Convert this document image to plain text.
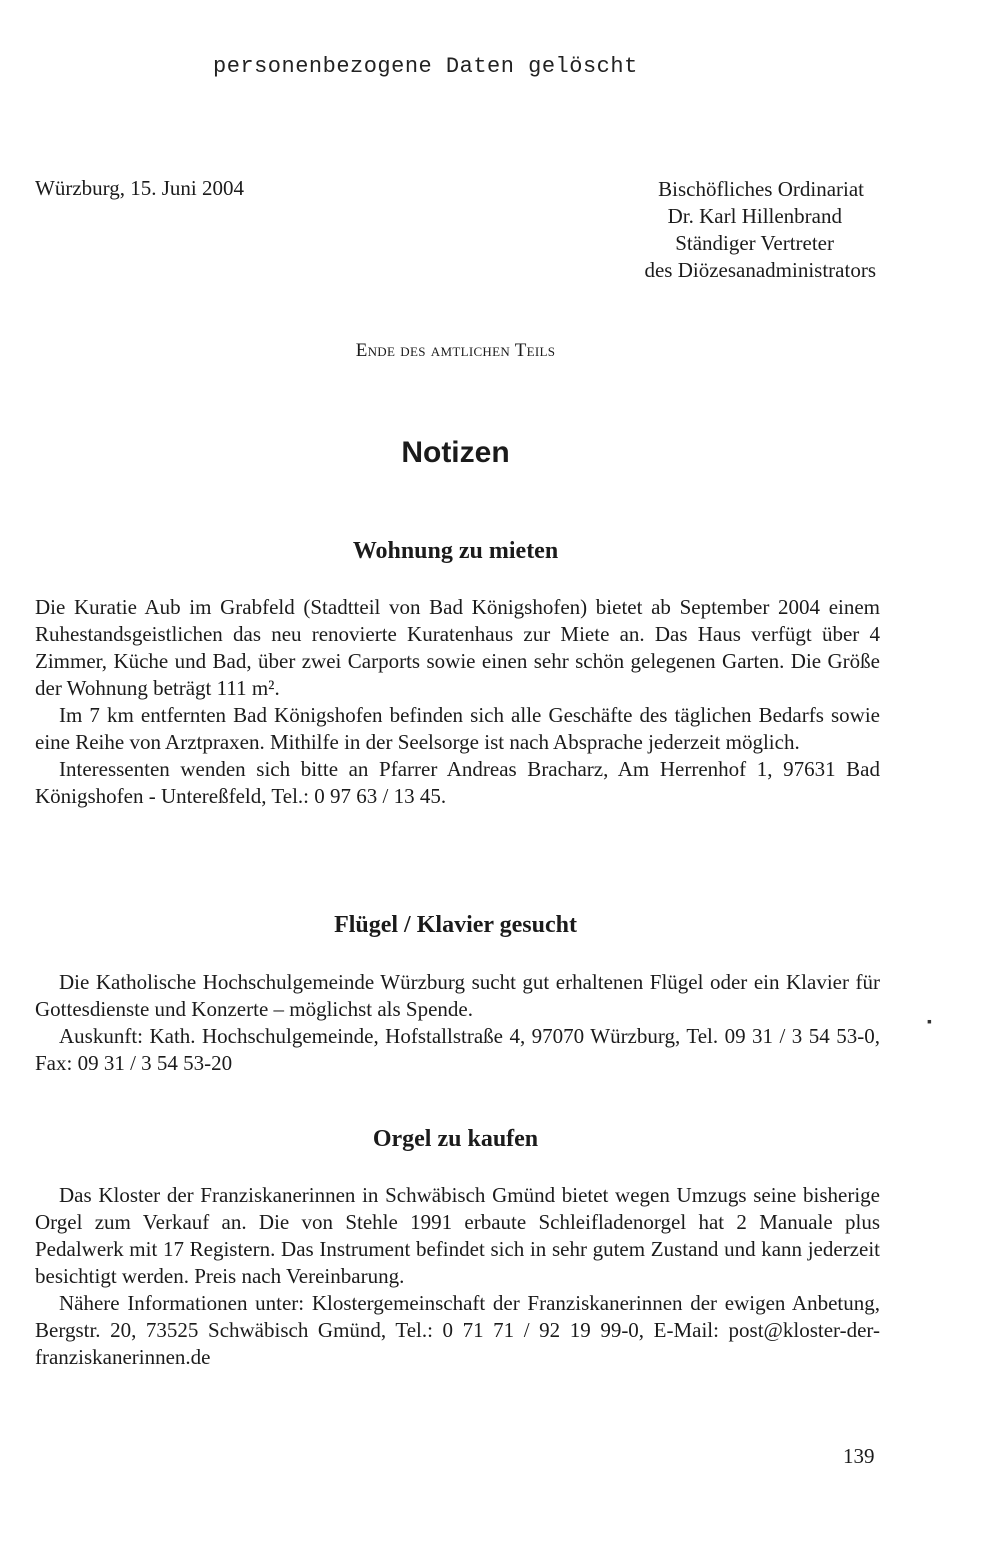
personenbezogene Daten gelöscht
Würzburg, 15. Juni 2004	Bischöfliches Ordinariat
Dr. Karl Hillenbrand
Ständiger Vertreter
des Diözesanadministrators
Ende des amtlichen Teils
Notizen
Wohnung zu mieten

Die Kuratie Aub im Grabfeld (Stadtteil von Bad Königshofen) bietet ab September 2004 einem Ruhestandsgeistlichen das neu renovierte Kuratenhaus zur Miete an. Das Haus verfügt über 4 Zimmer, Küche und Bad, über zwei Carports sowie einen sehr schön gelegenen Garten. Die Größe der Wohnung beträgt 111 m².

Im 7 km entfernten Bad Königshofen befinden sich alle Geschäfte des täglichen Bedarfs sowie eine Reihe von Arztpraxen. Mithilfe in der Seelsorge ist nach Absprache jederzeit möglich.

Interessenten wenden sich bitte an Pfarrer Andreas Bracharz, Am Herrenhof 1, 97631 Bad Königshofen - Untereßfeld, Tel.: 0 97 63 / 13 45.

Flügel / Klavier gesucht

Die Katholische Hochschulgemeinde Würzburg sucht gut erhaltenen Flügel oder ein Klavier für Gottesdienste und Konzerte – möglichst als Spende.

Auskunft: Kath. Hochschulgemeinde, Hofstallstraße 4, 97070 Würzburg, Tel. 09 31 / 3 54 53-0, Fax: 09 31 / 3 54 53-20

▪
Orgel zu kaufen

Das Kloster der Franziskanerinnen in Schwäbisch Gmünd bietet wegen Umzugs seine bisherige Orgel zum Verkauf an. Die von Stehle 1991 erbaute Schleifladenorgel hat 2 Manuale plus Pedalwerk mit 17 Registern. Das Instrument befindet sich in sehr gutem Zustand und kann jederzeit besichtigt werden. Preis nach Vereinbarung.

Nähere Informationen unter: Klostergemeinschaft der Franziskanerinnen der ewigen Anbetung, Bergstr. 20, 73525 Schwäbisch Gmünd, Tel.: 0 71 71 / 92 19 99-0, E-Mail: post@kloster-der-franziskanerinnen.de

139
